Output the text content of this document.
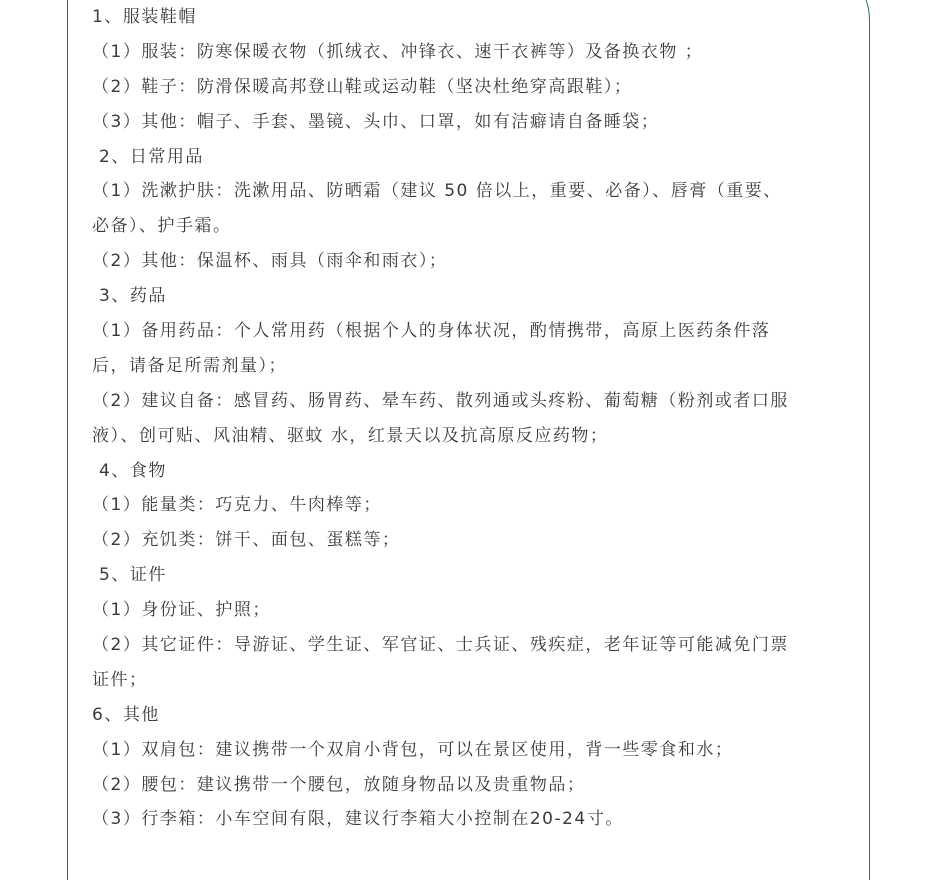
1、服装鞋帽
（1）服装：防寒保暖衣物（抓绒衣、冲锋衣、速干衣裤等）及备换衣物 ；
（2）鞋子：防滑保暖高邦登山鞋或运动鞋（坚决杜绝穿高跟鞋）；
（3）其他：帽子、手套、墨镜、头巾、口罩，如有洁癖请自备睡袋；
2、日常用品
（1）洗漱护肤：洗漱用品、防晒霜（建议 50 倍以上，重要、必备）、唇膏（重要、
必备）、护手霜。
（2）其他：保温杯、雨具（雨伞和雨衣）；
3、药品
（1）备用药品：个人常用药（根据个人的身体状况，酌情携带，高原上医药条件落
后，请备足所需剂量）；
（2）建议自备：感冒药、肠胃药、晕车药、散列通或头疼粉、葡萄糖（粉剂或者口服
液）、创可贴、风油精、驱蚊 水，红景天以及抗高原反应药物；
4、食物
（1）能量类：巧克力、牛肉棒等；
（2）充饥类：饼干、面包、蛋糕等；
5、证件
（1）身份证、护照；
（2）其它证件：导游证、学生证、军官证、士兵证、残疾症，老年证等可能减免门票
证件；
6、其他
（1）双肩包：建议携带一个双肩小背包，可以在景区使用，背一些零食和水；
（2）腰包：建议携带一个腰包，放随身物品以及贵重物品；
（3）行李箱：小车空间有限，建议行李箱大小控制在20-24寸。
